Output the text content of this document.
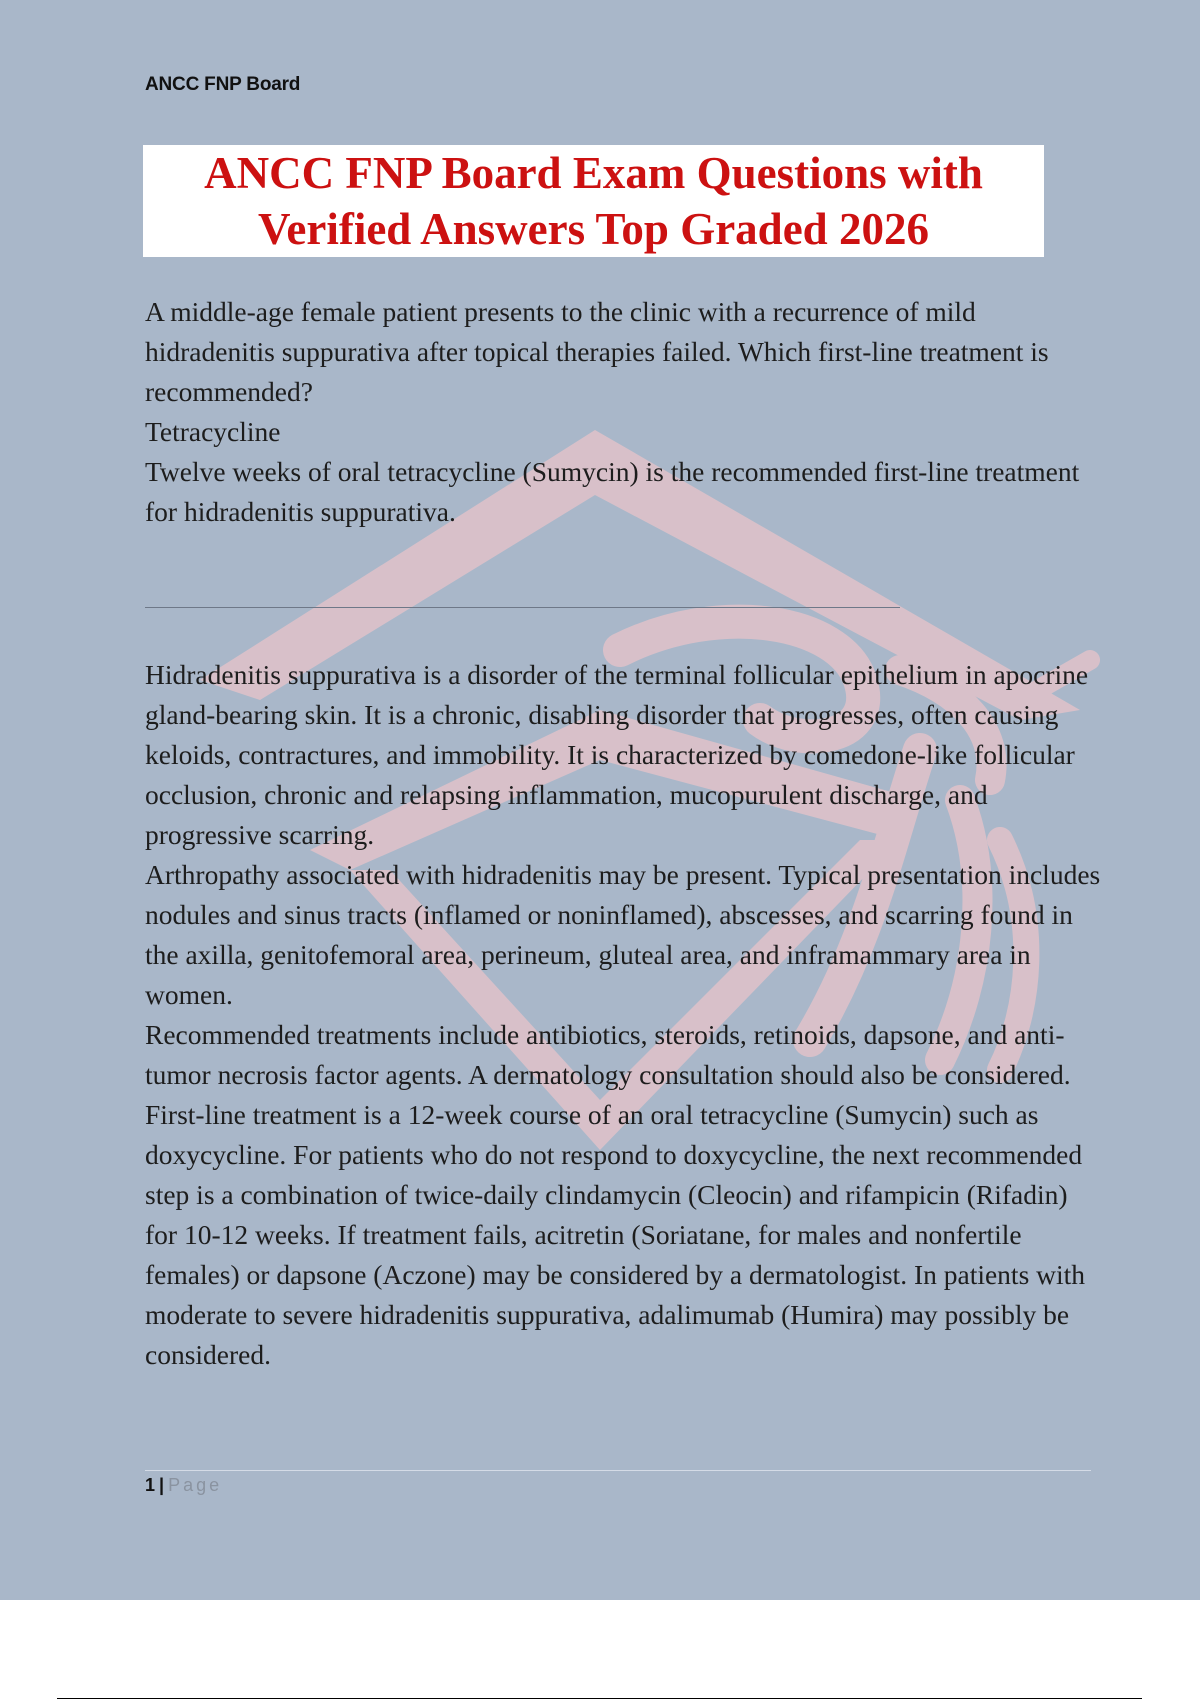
ANCC FNP Board
ANCC FNP Board Exam Questions with
Verified Answers Top Graded 2026

A middle-age female patient presents to the clinic with a recurrence of mild hidradenitis suppurativa after topical therapies failed. Which first-line treatment is recommended?

Tetracycline

Twelve weeks of oral tetracycline (Sumycin) is the recommended first-line treatment for hidradenitis suppurativa.

Hidradenitis suppurativa is a disorder of the terminal follicular epithelium in apocrine gland-bearing skin. It is a chronic, disabling disorder that progresses, often causing keloids, contractures, and immobility. It is characterized by comedone-like follicular occlusion, chronic and relapsing inflammation, mucopurulent discharge, and progressive scarring.

Arthropathy associated with hidradenitis may be present. Typical presentation includes nodules and sinus tracts (inflamed or noninflamed), abscesses, and scarring found in the axilla, genitofemoral area, perineum, gluteal area, and inframammary area in women.

Recommended treatments include antibiotics, steroids, retinoids, dapsone, and anti-tumor necrosis factor agents. A dermatology consultation should also be considered.

First-line treatment is a 12-week course of an oral tetracycline (Sumycin) such as doxycycline. For patients who do not respond to doxycycline, the next recommended step is a combination of twice-daily clindamycin (Cleocin) and rifampicin (Rifadin) for 10-12 weeks. If treatment fails, acitretin (Soriatane, for males and nonfertile females) or dapsone (Aczone) may be considered by a dermatologist. In patients with moderate to severe hidradenitis suppurativa, adalimumab (Humira) may possibly be considered.

1 | Page
